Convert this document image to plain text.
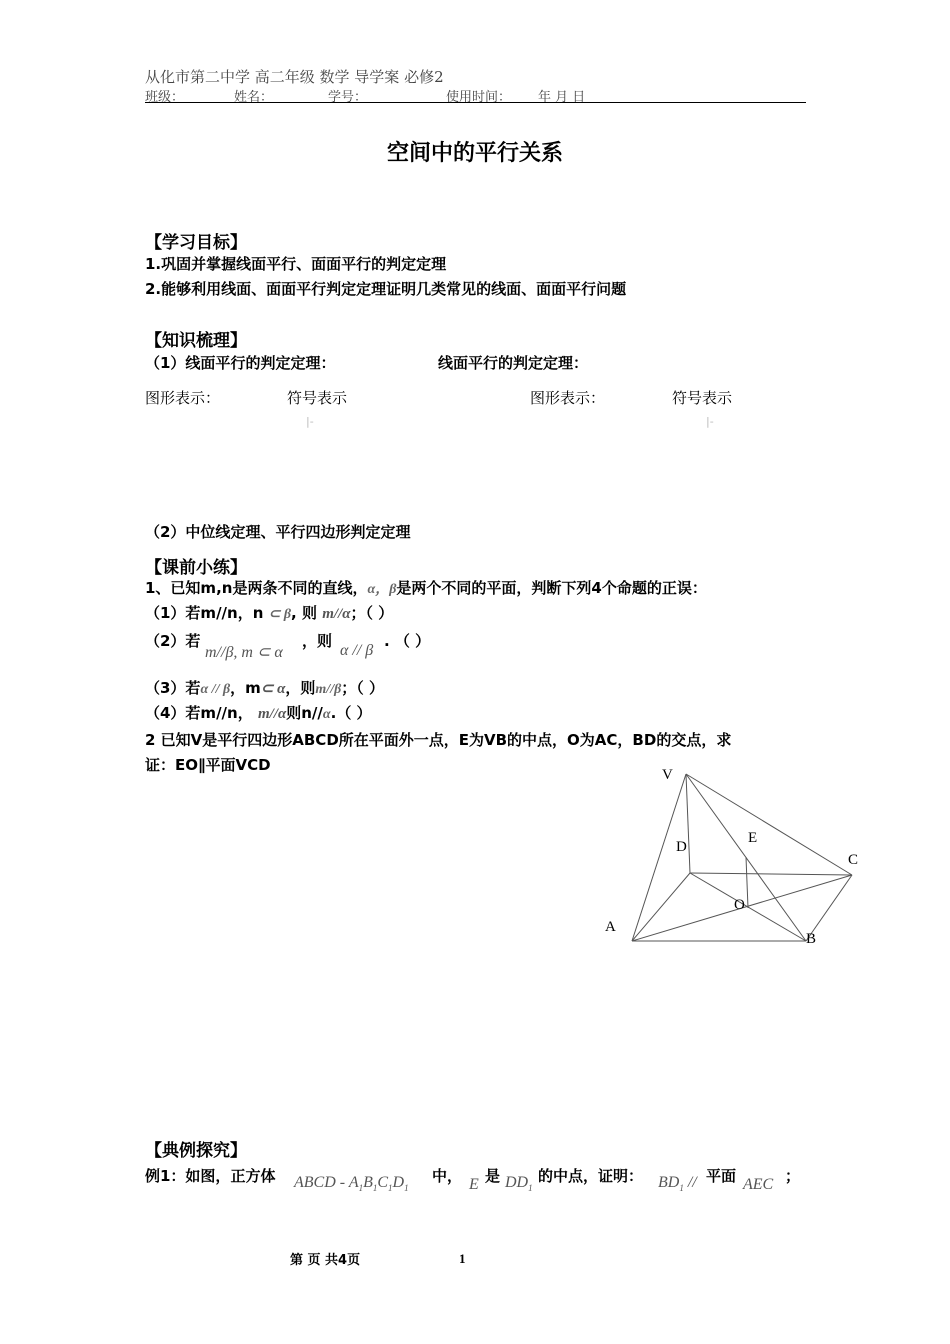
从化市第二中学 高二年级 数学 导学案 必修2
班级：	姓名：	学号：	使用时间： 年 月 日
空间中的平行关系
【学习目标】
1.巩固并掌握线面平行、面面平行的判定定理
2.能够利用线面、面面平行判定定理证明几类常见的线面、面面平行问题
【知识梳理】
（1）线面平行的判定定理：	线面平行的判定定理：
图形表示：	符号表示	图形表示：	符号表示
|-	|-
（2）中位线定理、平行四边形判定定理
【课前小练】
1、已知m,n是两条不同的直线，α，β是两个不同的平面，判断下列4个命题的正误：
（1）若m//n，n ⊂ β, 则 m//α；（ ）
（2）若
m//β, m ⊂ α
，则
α // β
. （ ）
（3）若α // β，m⊂ α，则m//β；（ ）
（4）若m//n， m//α则n//α.（ ）
2 已知V是平行四边形ABCD所在平面外一点，E为VB的中点，O为AC，BD的交点，求
证：EO∥平面VCD
V
D
E
C
O
A
B
【典例探究】
例1：如图，正方体 ABCD - $A_1B_1C_1D_1$
中， E 是 $DD_1$
的中点，证明： $BD_1$ // 平面 AEC ；
第 页 共4页	1
